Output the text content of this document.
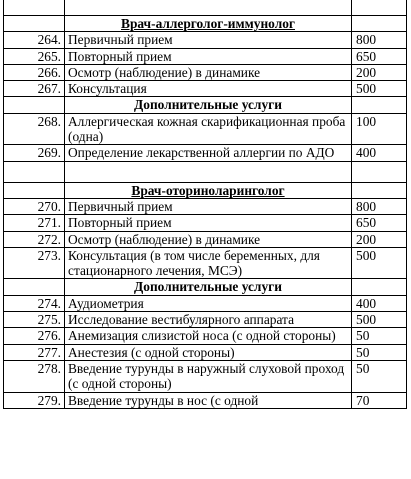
	Врач-аллерголог-иммунолог	
264.	Первичный прием	800
265.	Повторный прием	650
266.	Осмотр (наблюдение) в динамике	200
267.	Консультация	500
	Дополнительные услуги	
268.	Аллергическая кожная скарификационная проба (одна)	100
269.	Определение лекарственной аллергии по АДО	400

	Врач-оториноларинголог	
270.	Первичный прием	800
271.	Повторный прием	650
272.	Осмотр (наблюдение) в динамике	200
273.	Консультация (в том числе беременных, для стационарного лечения, МСЭ)	500
	Дополнительные услуги	
274.	Аудиометрия	400
275.	Исследование вестибулярного аппарата	500
276.	Анемизация слизистой носа (с одной стороны)	50
277.	Анестезия (с одной стороны)	50
278.	Введение турунды в наружный слуховой проход (с одной стороны)	50
279.	Введение турунды в нос (с одной	70
